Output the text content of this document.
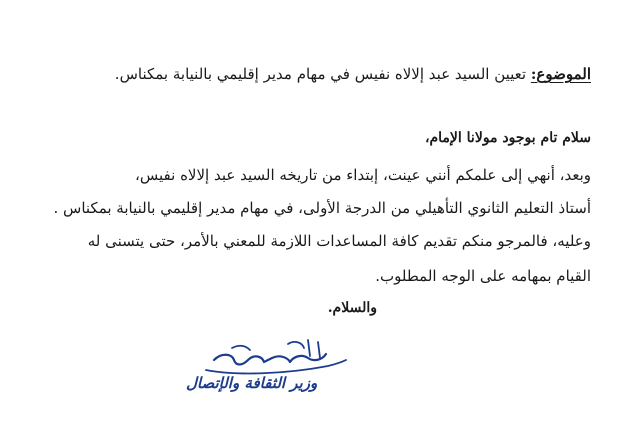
الموضوع: تعيين السيد عبد إلالاه نفيس في مهام مدير إقليمي بالنيابة بمكناس.
سلام تام بوجود مولانا الإمام،
وبعد، أنهي إلى علمكم أنني عينت، إبتداء من تاريخه السيد عبد إلالاه نفيس،
أستاذ التعليم الثانوي التأهيلي من الدرجة الأولى، في مهام مدير إقليمي بالنيابة بمكناس .
وعليه، فالمرجو منكم تقديم كافة المساعدات اللازمة للمعني بالأمر، حتى يتسنى له
القيام بمهامه على الوجه المطلوب.
والسلام.
وزير الثقافة والإتصال
